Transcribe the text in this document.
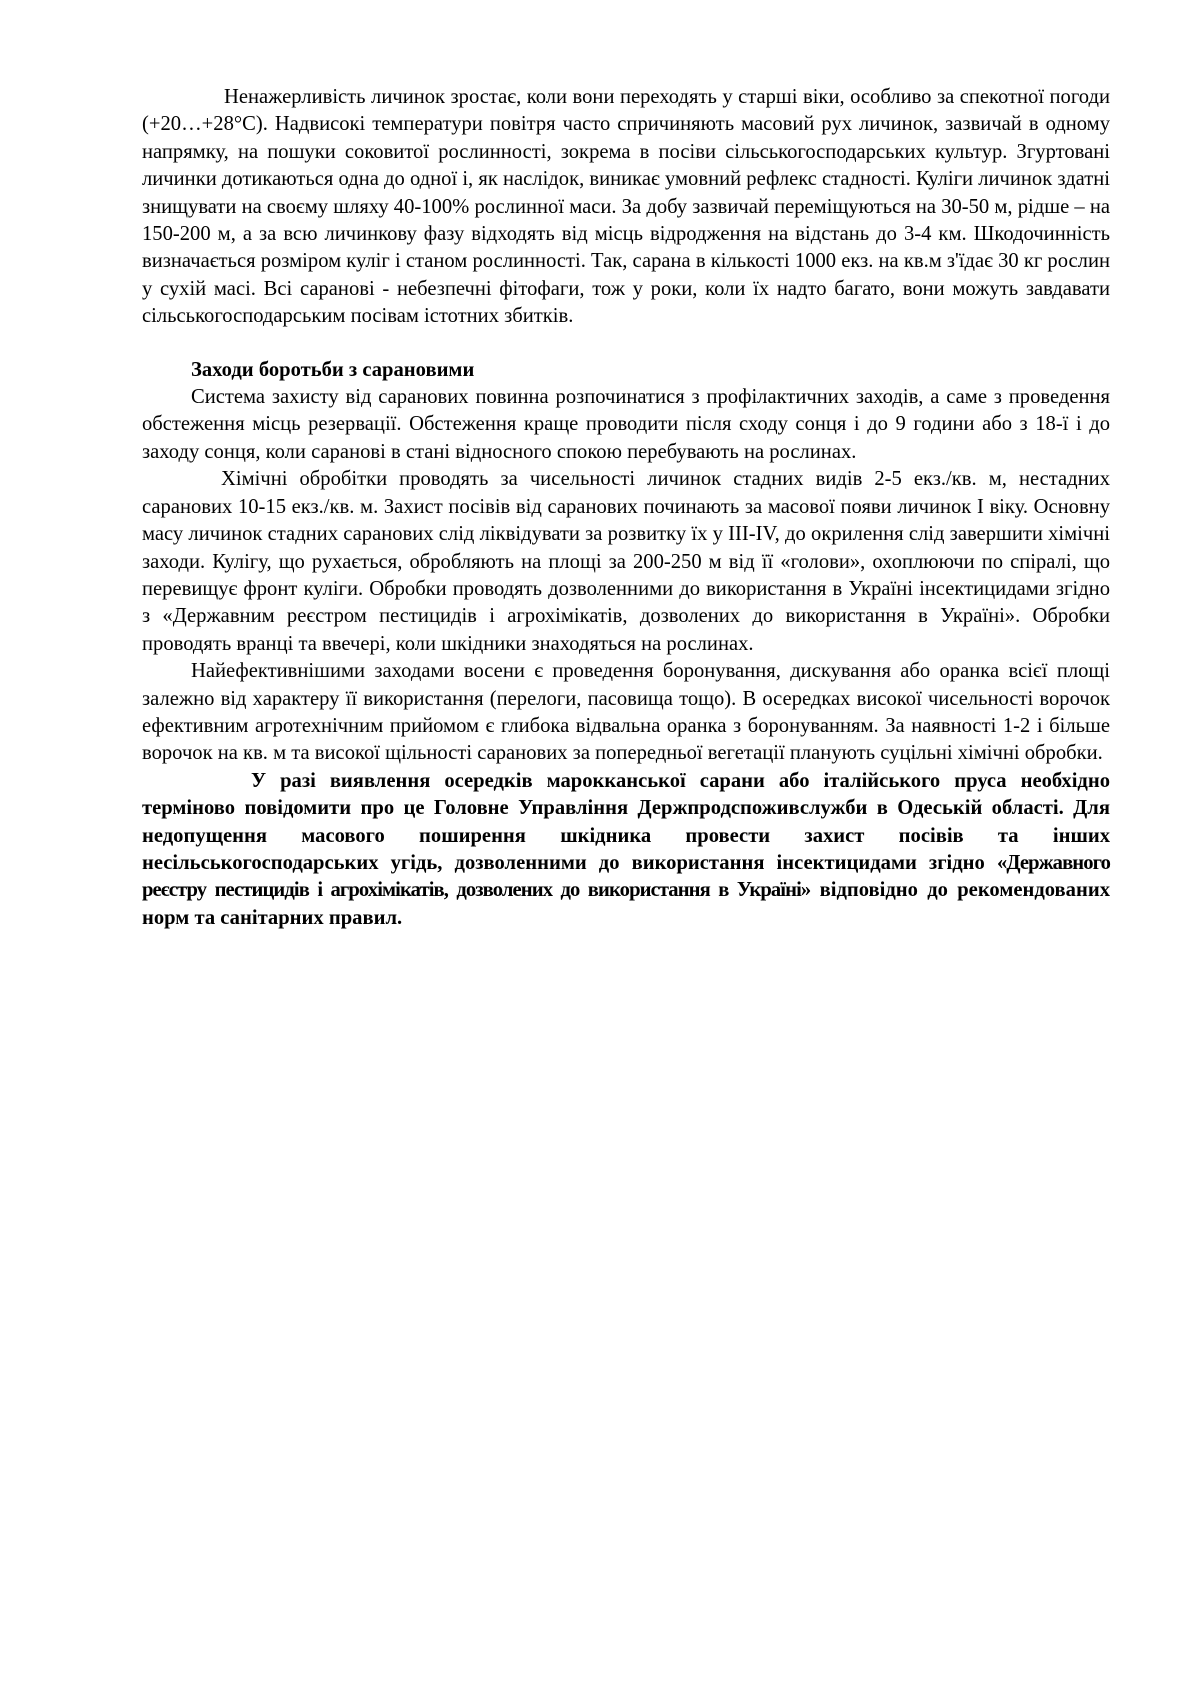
Ненажерливість личинок зростає, коли вони переходять у старші віки, особливо за спекотної погоди (+20…+28°С). Надвисокі температури повітря часто спричиняють масовий рух личинок, зазвичай в одному напрямку, на пошуки соковитої рослинності, зокрема в посіви сільськогосподарських культур. Згуртовані личинки дотикаються одна до одної і, як наслідок, виникає умовний рефлекс стадності. Куліги личинок здатні знищувати на своєму шляху 40-100% рослинної маси. За добу зазвичай переміщуються на 30-50 м, рідше – на 150-200 м, а за всю личинкову фазу відходять від місць відродження на відстань до 3-4 км. Шкодочинність визначається розміром куліг і станом рослинності. Так, сарана в кількості 1000 екз. на кв.м з'їдає 30 кг рослин у сухій масі. Всі саранові - небезпечні фітофаги, тож у роки, коли їх надто багато, вони можуть завдавати сільськогосподарським посівам істотних збитків.

Заходи боротьби з сарановими

Система захисту від саранових повинна розпочинатися з профілактичних заходів, а саме з проведення обстеження місць резервації. Обстеження краще проводити після сходу сонця і до 9 години або з 18-ї і до заходу сонця, коли саранові в стані відносного спокою перебувають на рослинах.

Хімічні обробітки проводять за чисельності личинок стадних видів 2-5 екз./кв. м, нестадних саранових 10-15 екз./кв. м. Захист посівів від саранових починають за масової появи личинок I віку. Основну масу личинок стадних саранових слід ліквідувати за розвитку їх у III-IV, до окрилення слід завершити хімічні заходи. Кулігу, що рухається, обробляють на площі за 200-250 м від її «голови», охоплюючи по спіралі, що перевищує фронт куліги. Обробки проводять дозволенними до використання в Україні інсектицидами згідно з «Державним реєстром пестицидів і агрохімікатів, дозволених до використання в Україні». Обробки проводять вранці та ввечері, коли шкідники знаходяться на рослинах.

Найефективнішими заходами восени є проведення боронування, дискування або оранка всієї площі залежно від характеру її використання (перелоги, пасовища тощо). В осередках високої чисельності ворочок ефективним агротехнічним прийомом є глибока відвальна оранка з боронуванням. За наявності 1-2 і більше ворочок на кв. м та високої щільності саранових за попередньої вегетації планують суцільні хімічні обробки.

У разі виявлення осередків марокканської сарани або італійського пруса необхідно терміново повідомити про це Головне Управління Держпродспоживслужби в Одеській області. Для недопущення масового поширення шкідника провести захист посівів та інших несільськогосподарських угідь, дозволенними до використання інсектицидами згідно «Державного реєстру пестицидів і агрохімікатів, дозволених до використання в Україні» відповідно до рекомендованих норм та санітарних правил.
